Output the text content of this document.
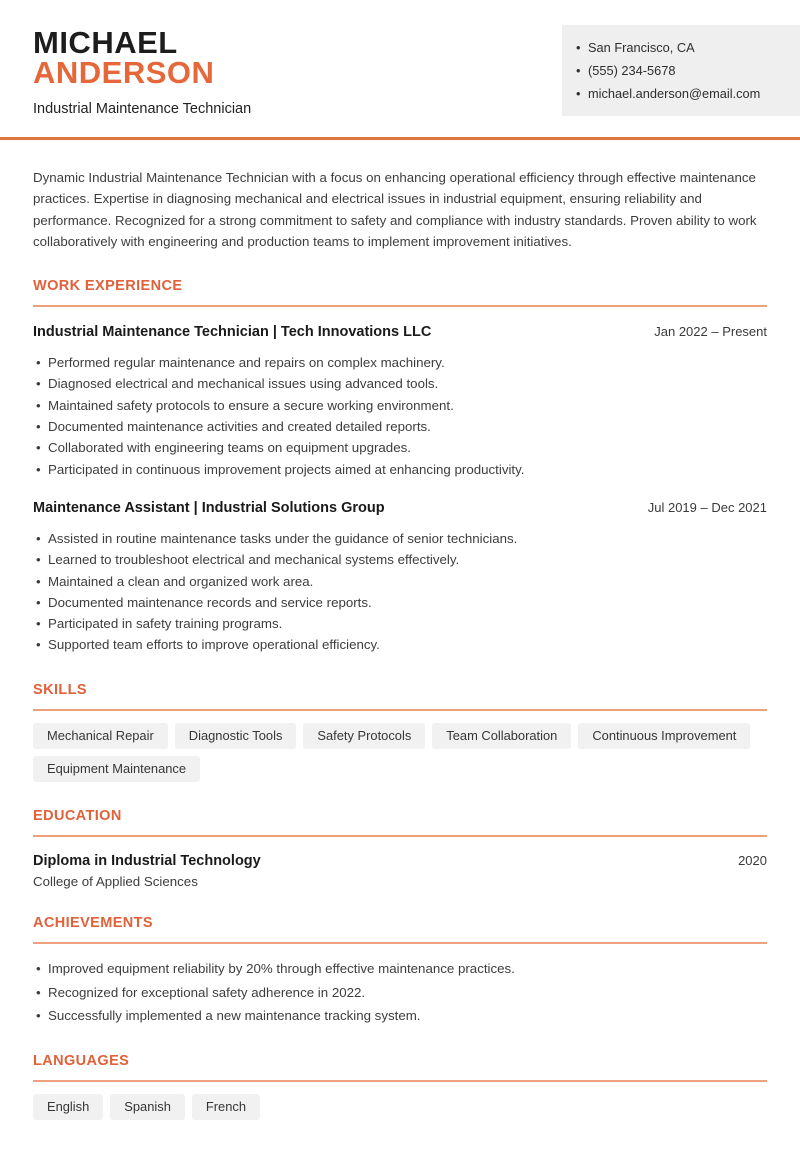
MICHAEL
ANDERSON
Industrial Maintenance Technician
• San Francisco, CA
• (555) 234-5678
• michael.anderson@email.com

Dynamic Industrial Maintenance Technician with a focus on enhancing operational efficiency through effective maintenance practices. Expertise in diagnosing mechanical and electrical issues in industrial equipment, ensuring reliability and performance. Recognized for a strong commitment to safety and compliance with industry standards. Proven ability to work collaboratively with engineering and production teams to implement improvement initiatives.

WORK EXPERIENCE
Industrial Maintenance Technician | Tech Innovations LLC	Jan 2022 – Present
• Performed regular maintenance and repairs on complex machinery.
• Diagnosed electrical and mechanical issues using advanced tools.
• Maintained safety protocols to ensure a secure working environment.
• Documented maintenance activities and created detailed reports.
• Collaborated with engineering teams on equipment upgrades.
• Participated in continuous improvement projects aimed at enhancing productivity.
Maintenance Assistant | Industrial Solutions Group	Jul 2019 – Dec 2021
• Assisted in routine maintenance tasks under the guidance of senior technicians.
• Learned to troubleshoot electrical and mechanical systems effectively.
• Maintained a clean and organized work area.
• Documented maintenance records and service reports.
• Participated in safety training programs.
• Supported team efforts to improve operational efficiency.
SKILLS
Mechanical Repair	Diagnostic Tools	Safety Protocols	Team Collaboration	Continuous Improvement
Equipment Maintenance
EDUCATION
Diploma in Industrial Technology	2020
College of Applied Sciences
ACHIEVEMENTS
• Improved equipment reliability by 20% through effective maintenance practices.
• Recognized for exceptional safety adherence in 2022.
• Successfully implemented a new maintenance tracking system.
LANGUAGES
English	Spanish	French
